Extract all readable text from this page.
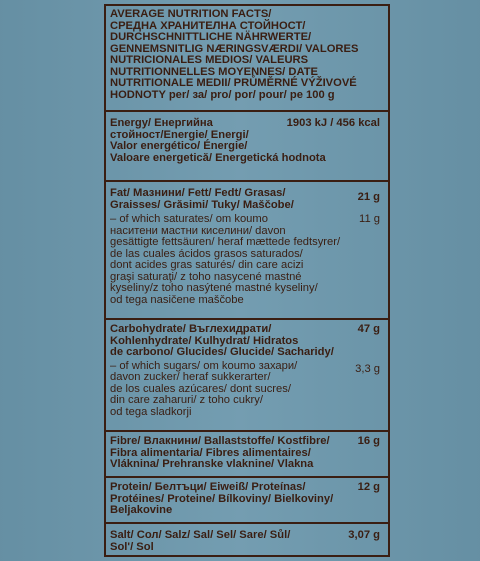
AVERAGE NUTRITION FACTS/
СРЕДНА ХРАНИТЕЛНА СТОЙНОСТ/
DURCHSCHNITTLICHE NÄHRWERTE/
GENNEMSNITLIG NÆRINGSVÆRDI/ VALORES
NUTRICIONALES MEDIOS/ VALEURS
NUTRITIONNELLES MOYENNES/ DATE
NUTRITIONALE MEDII/ PRŮMĚRNÉ VÝŽIVOVÉ
HODNOTY per/ за/ pro/ por/ pour/ pe 100 g
Energy/ Енергийна	1903 kJ / 456 kcal
стойност/Energie/ Energi/
Valor energético/ Énergie/
Valoare energetică/ Energetická hodnota
Fat/ Мазнини/ Fett/ Fedt/ Grasas/	21 g
Graisses/ Grăsimi/ Tuky/ Maščobe/
– of which saturates/ om koumo	11 g
наситени мастни киселини/ davon
gesättigte fettsäuren/ heraf mættede fedtsyrer/
de las cuales ácidos grasos saturados/
dont acides gras saturés/ din care acizi
graşi saturaţi/ z toho nasycené mastné
kyseliny/z toho nasýtené mastné kyseliny/
od tega nasičene maščobe
Carbohydrate/ Въглехидрати/	47 g
Kohlenhydrate/ Kulhydrat/ Hidratos
de carbono/ Glucides/ Glucide/ Sacharidy/
– of which sugars/ om koumo захари/	3,3 g
davon zucker/ heraf sukkerarter/
de los cuales azúcares/ dont sucres/
din care zaharuri/ z toho cukry/
od tega sladkorji
Fibre/ Влакнини/ Ballaststoffe/ Kostfibre/ 16 g
Fibra alimentaria/ Fibres alimentaires/
Vláknina/ Prehranske vlaknine/ Vlakna
Protein/ Белтъци/ Eiweiß/ Proteínas/	12 g
Protéines/ Proteine/ Bílkoviny/ Bielkoviny/
Beljakovine
Salt/ Сол/ Salz/ Sal/ Sel/ Sare/ Sůl/	3,07 g
Sol'/ Sol
